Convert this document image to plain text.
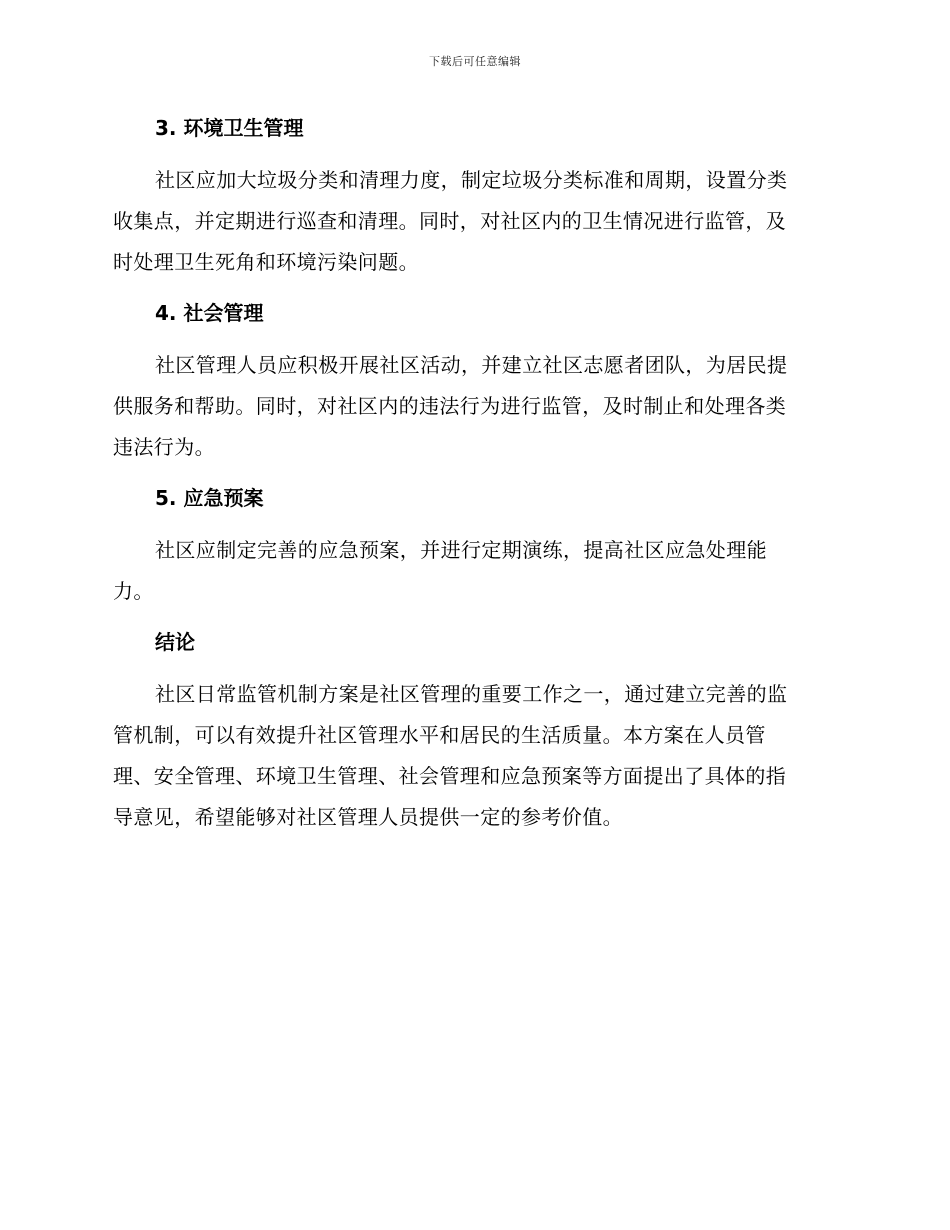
下载后可任意编辑
3. 环境卫生管理
社区应加大垃圾分类和清理力度，制定垃圾分类标准和周期，设置分类
收集点，并定期进行巡查和清理。同时，对社区内的卫生情况进行监管，及
时处理卫生死角和环境污染问题。
4. 社会管理
社区管理人员应积极开展社区活动，并建立社区志愿者团队，为居民提
供服务和帮助。同时，对社区内的违法行为进行监管，及时制止和处理各类
违法行为。
5. 应急预案
社区应制定完善的应急预案，并进行定期演练，提高社区应急处理能
力。
结论
社区日常监管机制方案是社区管理的重要工作之一，通过建立完善的监
管机制，可以有效提升社区管理水平和居民的生活质量。本方案在人员管
理、安全管理、环境卫生管理、社会管理和应急预案等方面提出了具体的指
导意见，希望能够对社区管理人员提供一定的参考价值。
